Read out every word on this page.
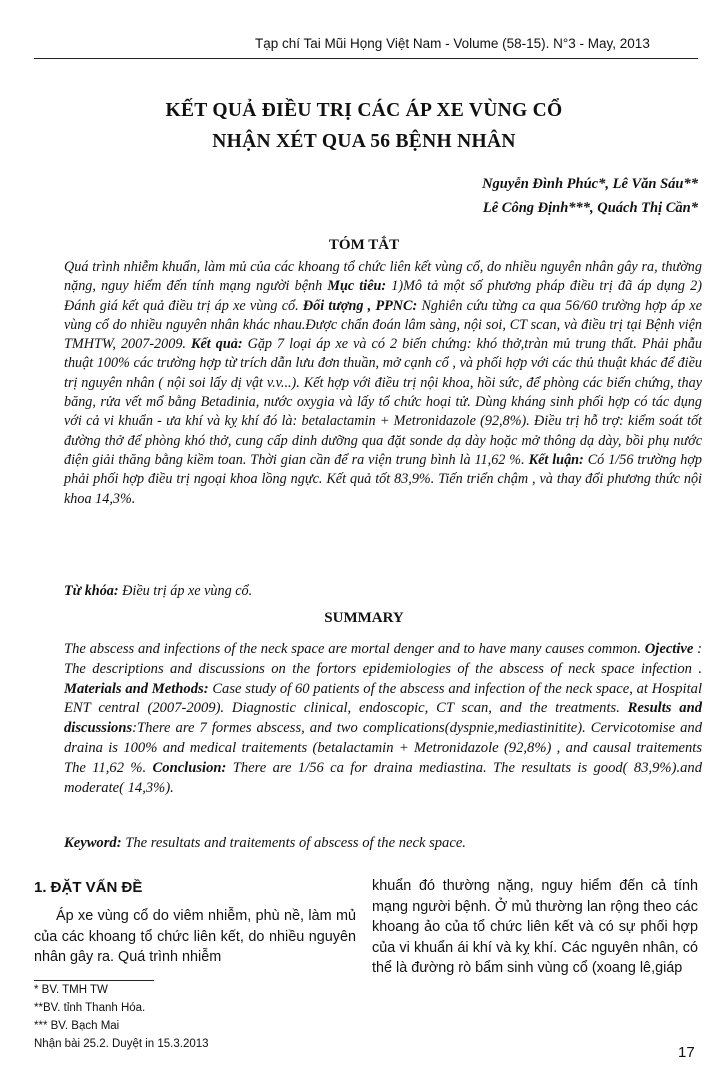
Tạp chí Tai Mũi Họng Việt Nam - Volume (58-15). N°3 - May, 2013
KẾT QUẢ ĐIỀU TRỊ CÁC ÁP XE VÙNG CỔ
NHẬN XÉT QUA 56 BỆNH NHÂN
Nguyễn Đình Phúc*, Lê Văn Sáu**
Lê Công Định***, Quách Thị Cần*
TÓM TẮT

Quá trình nhiễm khuẩn, làm mủ của các khoang tổ chức liên kết vùng cổ, do nhiều nguyên nhân gây ra, thường nặng, nguy hiểm đến tính mạng người bệnh Mục tiêu: 1)Mô tả một số phương pháp điều trị đã áp dụng 2) Đánh giá kết quả điều trị áp xe vùng cổ. Đối tượng , PPNC: Nghiên cứu từng ca qua 56/60 trường hợp áp xe vùng cổ do nhiều nguyên nhân khác nhau.Được chẩn đoán lâm sàng, nội soi, CT scan, và điều trị tại Bệnh viện TMHTW, 2007-2009. Kết quả: Gặp 7 loại áp xe và có 2 biến chứng: khó thở,tràn mủ trung thất. Phải phẫu thuật 100% các trường hợp từ trích dẫn lưu đơn thuần, mở cạnh cổ , và phối hợp với các thủ thuật khác để điều trị nguyên nhân ( nội soi lấy dị vật v.v...). Kết hợp với điều trị nội khoa, hồi sức, để phòng các biến chứng, thay băng, rửa vết mổ bằng Betadinia, nước oxygia và lấy tổ chức hoại tử. Dùng kháng sinh phối hợp có tác dụng với cả vi khuẩn - ưa khí và kỵ khí đó là: betalactamin + Metronidazole (92,8%). Điều trị hỗ trợ: kiểm soát tốt đường thở để phòng khó thở, cung cấp dinh dưỡng qua đặt sonde dạ dày hoặc mở thông dạ dày, bồi phụ nước điện giải thăng bằng kiềm toan. Thời gian cần để ra viện trung bình là 11,62 %. Kết luận: Có 1/56 trường hợp phải phối hợp điều trị ngoại khoa lồng ngực. Kết quả tốt 83,9%. Tiến triển chậm , và thay đổi phương thức nội khoa 14,3%.

Từ khóa: Điều trị áp xe vùng cổ.
SUMMARY
The abscess and infections of the neck space are mortal denger and to have many causes common. Ojective : The descriptions and discussions on the fortors epidemiologies of the abscess of neck space infection . Materials and Methods: Case study of 60 patients of the abscess and infection of the neck space, at Hospital ENT central (2007-2009). Diagnostic clinical, endoscopic, CT scan, and the treatments. Results and discussions:There are 7 formes abscess, and two complications(dyspnie,mediastinitite). Cervicotomise and draina is 100% and medical traitements (betalactamin + Metronidazole (92,8%) , and causal traitements The 11,62 %. Conclusion: There are 1/56 ca for draina mediastina. The resultats is good( 83,9%).and moderate( 14,3%).
Keyword: The resultats and traitements of abscess of the neck space.
1. ĐẶT VẤN ĐỀ
Áp xe vùng cổ do viêm nhiễm, phù nề, làm mủ của các khoang tổ chức liên kết, do nhiều nguyên nhân gây ra. Quá trình nhiễm
khuẩn đó thường nặng, nguy hiểm đến cả tính mạng người bệnh. Ở mủ thường lan rộng theo các khoang ảo của tổ chức liên kết và có sự phối hợp của vi khuẩn ái khí và kỵ khí. Các nguyên nhân, có thể là đường rò bẩm sinh vùng cổ (xoang lê,giáp
* BV. TMH TW
**BV. tỉnh Thanh Hóa.
*** BV. Bạch Mai
Nhận bài 25.2. Duyệt in 15.3.2013	17
